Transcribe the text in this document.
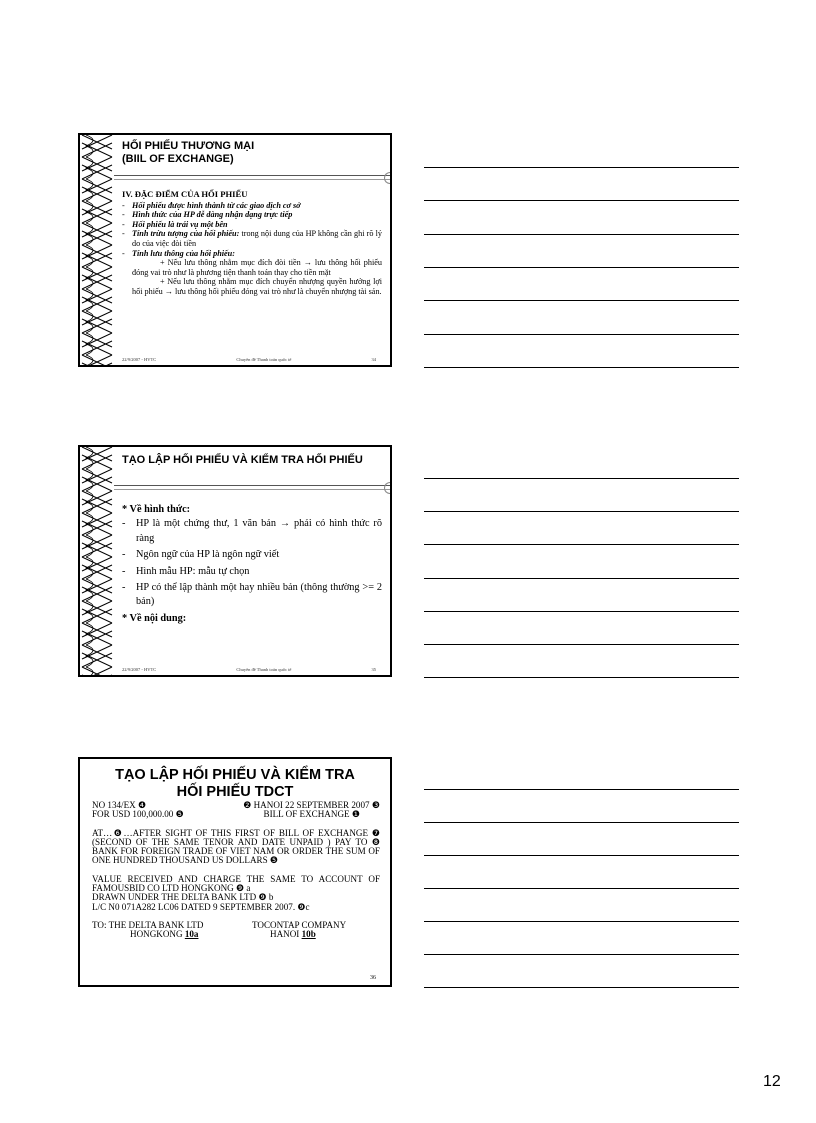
HỐI PHIẾU THƯƠNG MẠI
(BIIL OF EXCHANGE)
IV. ĐẶC ĐIỂM CỦA HỐI PHIẾU
- Hối phiếu được hình thành từ các giao dịch cơ sở
- Hình thức của HP dễ dàng nhận dạng trực tiếp
- Hối phiếu là trái vụ một bên
- Tính trừu tượng của hối phiếu: trong nội dung của HP không cần ghi rõ lý do của việc đòi tiền
- Tính lưu thông của hối phiếu:
+ Nếu lưu thông nhằm mục đích đòi tiền → lưu thông hối phiếu đóng vai trò như là phương tiện thanh toán thay cho tiền mặt
+ Nếu lưu thông nhằm mục đích chuyển nhượng quyền hưởng lợi hối phiếu → lưu thông hối phiếu đóng vai trò như là chuyển nhượng tài sản.
22/9/2007 - HVTC	Chuyên đề Thanh toán quốc tế	34
TẠO LẬP HỐI PHIẾU VÀ KIỂM TRA HỐI PHIẾU
* Về hình thức:
-	HP là một chứng thư, 1 văn bản → phải có hình thức rõ ràng
-	Ngôn ngữ của HP là ngôn ngữ viết
-	Hình mẫu HP: mẫu tự chọn
-	HP có thể lập thành một hay nhiều bản (thông thường >= 2 bản)
* Về nội dung:
22/9/2007 - HVTC	Chuyên đề Thanh toán quốc tế	35
TẠO LẬP HỐI PHIẾU VÀ KIỂM TRA
HỐI PHIẾU TDCT
NO 134/EX ❹	❷ HANOI 22 SEPTEMBER 2007 ❸
FOR USD 100,000.00 ❺	BILL OF EXCHANGE ❶
AT…❻…AFTER SIGHT OF THIS FIRST OF BILL OF EXCHANGE ❼ (SECOND OF THE SAME TENOR AND DATE UNPAID ) PAY TO ❽ BANK FOR FOREIGN TRADE OF VIET NAM OR ORDER THE SUM OF ONE HUNDRED THOUSAND US DOLLARS ❺
VALUE RECEIVED AND CHARGE THE SAME TO ACCOUNT OF FAMOUSBID CO LTD HONGKONG ❾ a
DRAWN UNDER THE DELTA BANK LTD ❾ b
L/C N0 071A282 LC06 DATED 9 SEPTEMBER 2007. ❾c
TO: THE DELTA BANK LTD	TOCONTAP COMPANY
HONGKONG 10a	HANOI 10b
36
12
